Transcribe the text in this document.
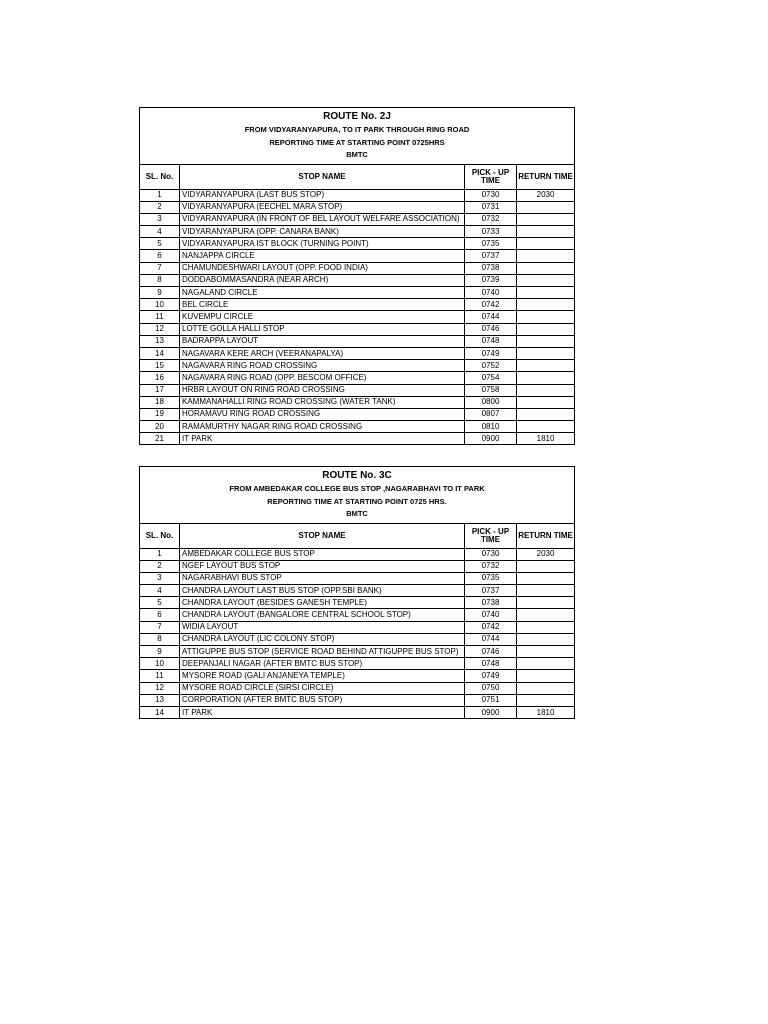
ROUTE No. 2J
FROM VIDYARANYAPURA, TO IT PARK THROUGH RING ROAD
REPORTING TIME AT STARTING POINT 0725HRS
BMTC			

SL. No.	STOP NAME	PICK - UP TIME	RETURN TIME
1	VIDYARANYAPURA (LAST BUS STOP)	0730	2030
2	VIDYARANYAPURA (EECHEL MARA STOP)	0731	
3	VIDYARANYAPURA (IN FRONT OF BEL LAYOUT WELFARE ASSOCIATION)	0732	
4	VIDYARANYAPURA (OPP. CANARA BANK)	0733	
5	VIDYARANYAPURA IST BLOCK (TURNING POINT)	0735	
6	NANJAPPA CIRCLE	0737	
7	CHAMUNDESHWARI LAYOUT (OPP. FOOD INDIA)	0738	
8	DODDABOMMASANDRA (NEAR ARCH)	0739	
9	NAGALAND CIRCLE	0740	
10	BEL CIRCLE	0742	
11	KUVEMPU CIRCLE	0744	
12	LOTTE GOLLA HALLI STOP	0746	
13	BADRAPPA LAYOUT	0748	
14	NAGAVARA KERE ARCH (VEERANAPALYA)	0749	
15	NAGAVARA RING ROAD CROSSING	0752	
16	NAGAVARA RING ROAD (OPP. BESCOM OFFICE)	0754	
17	HRBR LAYOUT ON RING ROAD CROSSING	0758	
18	KAMMANAHALLI RING ROAD CROSSING (WATER TANK)	0800	
19	HORAMAVU RING ROAD CROSSING	0807	
20	RAMAMURTHY NAGAR RING ROAD CROSSING	0810	
21	IT PARK	0900	1810
ROUTE No. 3C
FROM AMBEDAKAR COLLEGE BUS STOP ,NAGARABHAVI TO IT PARK
REPORTING TIME AT STARTING POINT 0725 HRS.
BMTC			

SL. No.	STOP NAME	PICK - UP TIME	RETURN TIME
1	AMBEDAKAR COLLEGE BUS STOP	0730	2030
2	NGEF LAYOUT BUS STOP	0732	
3	NAGARABHAVI BUS STOP	0735	
4	CHANDRA LAYOUT LAST BUS STOP (OPP.SBI BANK)	0737	
5	CHANDRA LAYOUT (BESIDES GANESH TEMPLE)	0738	
6	CHANDRA LAYOUT (BANGALORE CENTRAL SCHOOL STOP)	0740	
7	WIDIA LAYOUT	0742	
8	CHANDRA LAYOUT (LIC COLONY STOP)	0744	
9	ATTIGUPPE BUS STOP (SERVICE ROAD BEHIND ATTIGUPPE BUS STOP)	0746	
10	DEEPANJALI NAGAR (AFTER BMTC BUS STOP)	0748	
11	MYSORE ROAD (GALI ANJANEYA TEMPLE)	0749	
12	MYSORE ROAD CIRCLE (SIRSI CIRCLE)	0750	
13	CORPORATION (AFTER BMTC BUS STOP)	0751	
14	IT PARK	0900	1810
